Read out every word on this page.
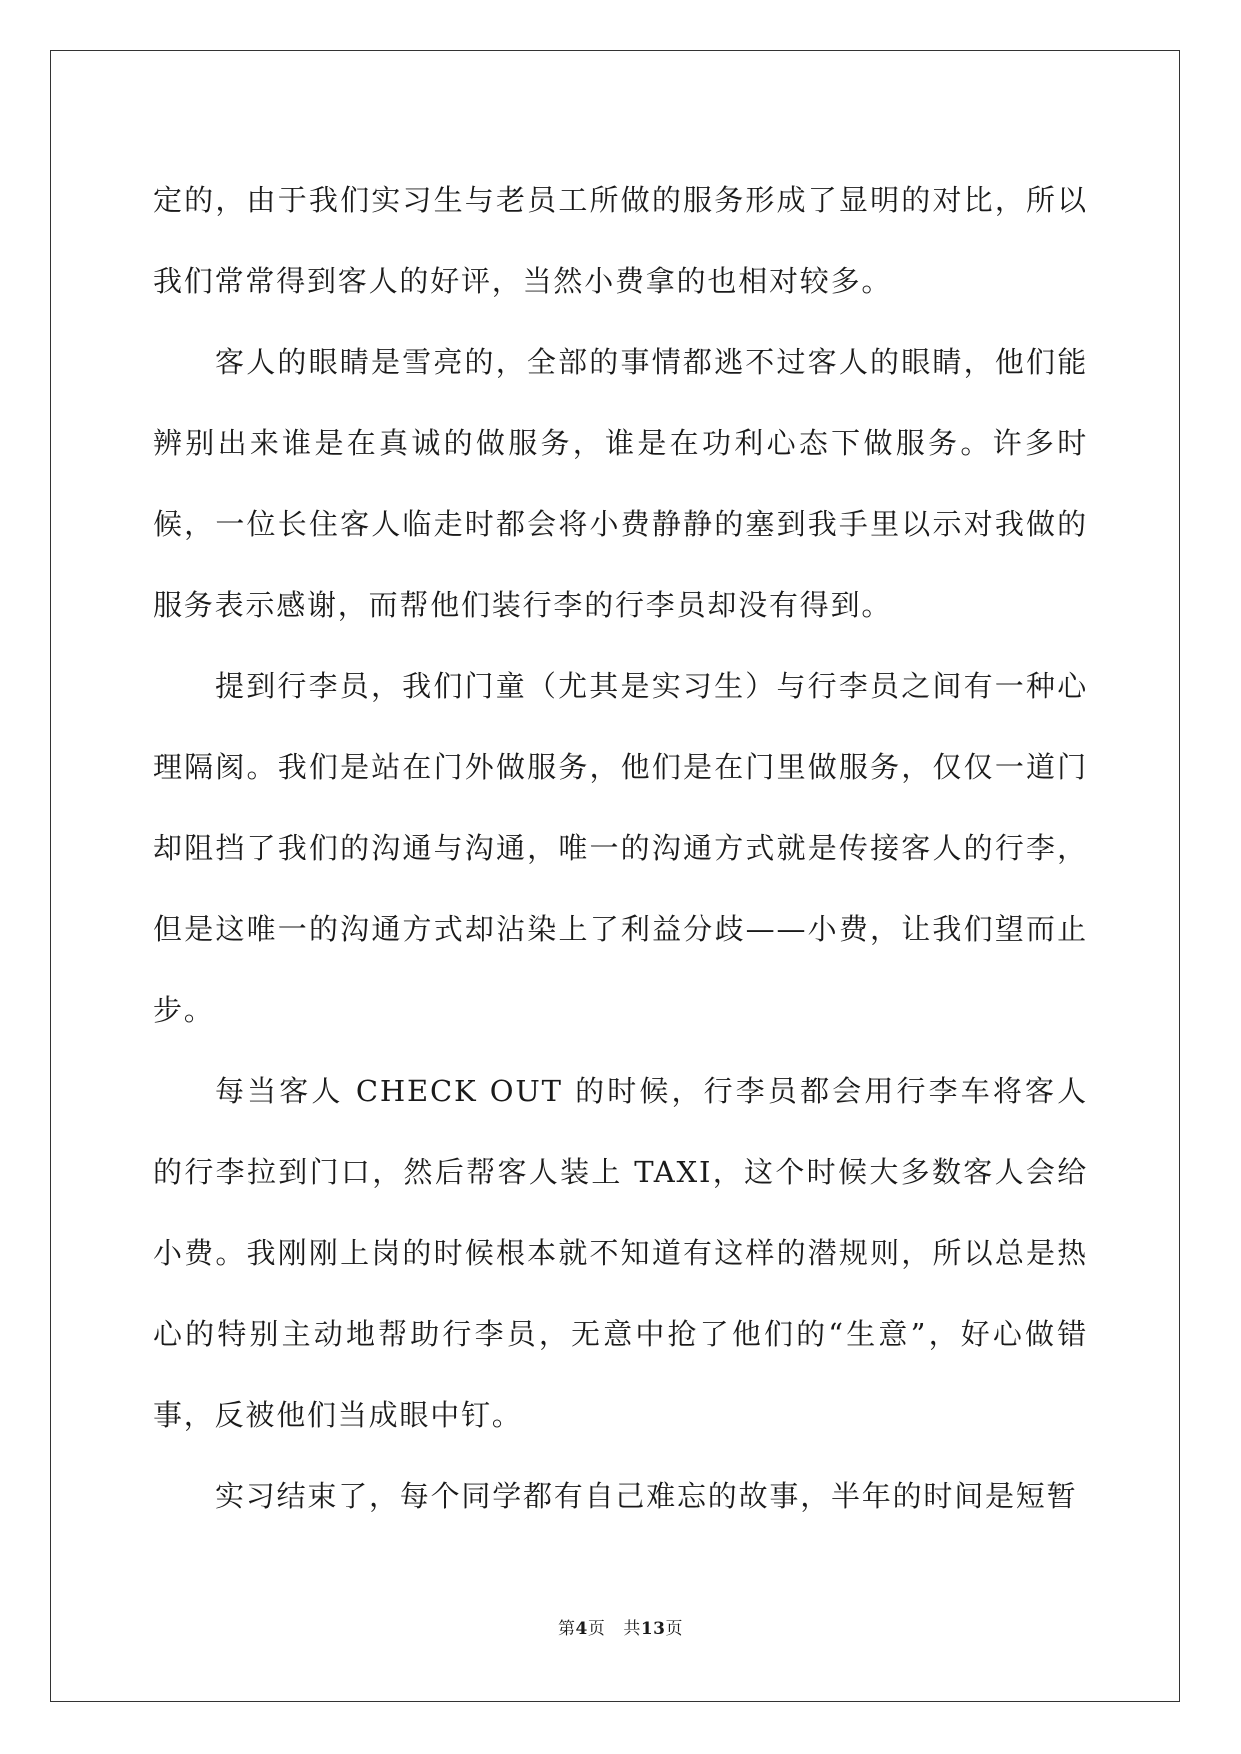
定的，由于我们实习生与老员工所做的服务形成了显明的对比，所以我们常常得到客人的好评，当然小费拿的也相对较多。

客人的眼睛是雪亮的，全部的事情都逃不过客人的眼睛，他们能辨别出来谁是在真诚的做服务，谁是在功利心态下做服务。许多时候，一位长住客人临走时都会将小费静静的塞到我手里以示对我做的服务表示感谢，而帮他们装行李的行李员却没有得到。

提到行李员，我们门童（尤其是实习生）与行李员之间有一种心理隔阂。我们是站在门外做服务，他们是在门里做服务，仅仅一道门却阻挡了我们的沟通与沟通，唯一的沟通方式就是传接客人的行李，但是这唯一的沟通方式却沾染上了利益分歧——小费，让我们望而止步。

每当客人 CHECK OUT 的时候，行李员都会用行李车将客人的行李拉到门口，然后帮客人装上 TAXI，这个时候大多数客人会给小费。我刚刚上岗的时候根本就不知道有这样的潜规则，所以总是热心的特别主动地帮助行李员，无意中抢了他们的“生意”，好心做错事，反被他们当成眼中钉。

实习结束了，每个同学都有自己难忘的故事，半年的时间是短暂

第4页 共13页
